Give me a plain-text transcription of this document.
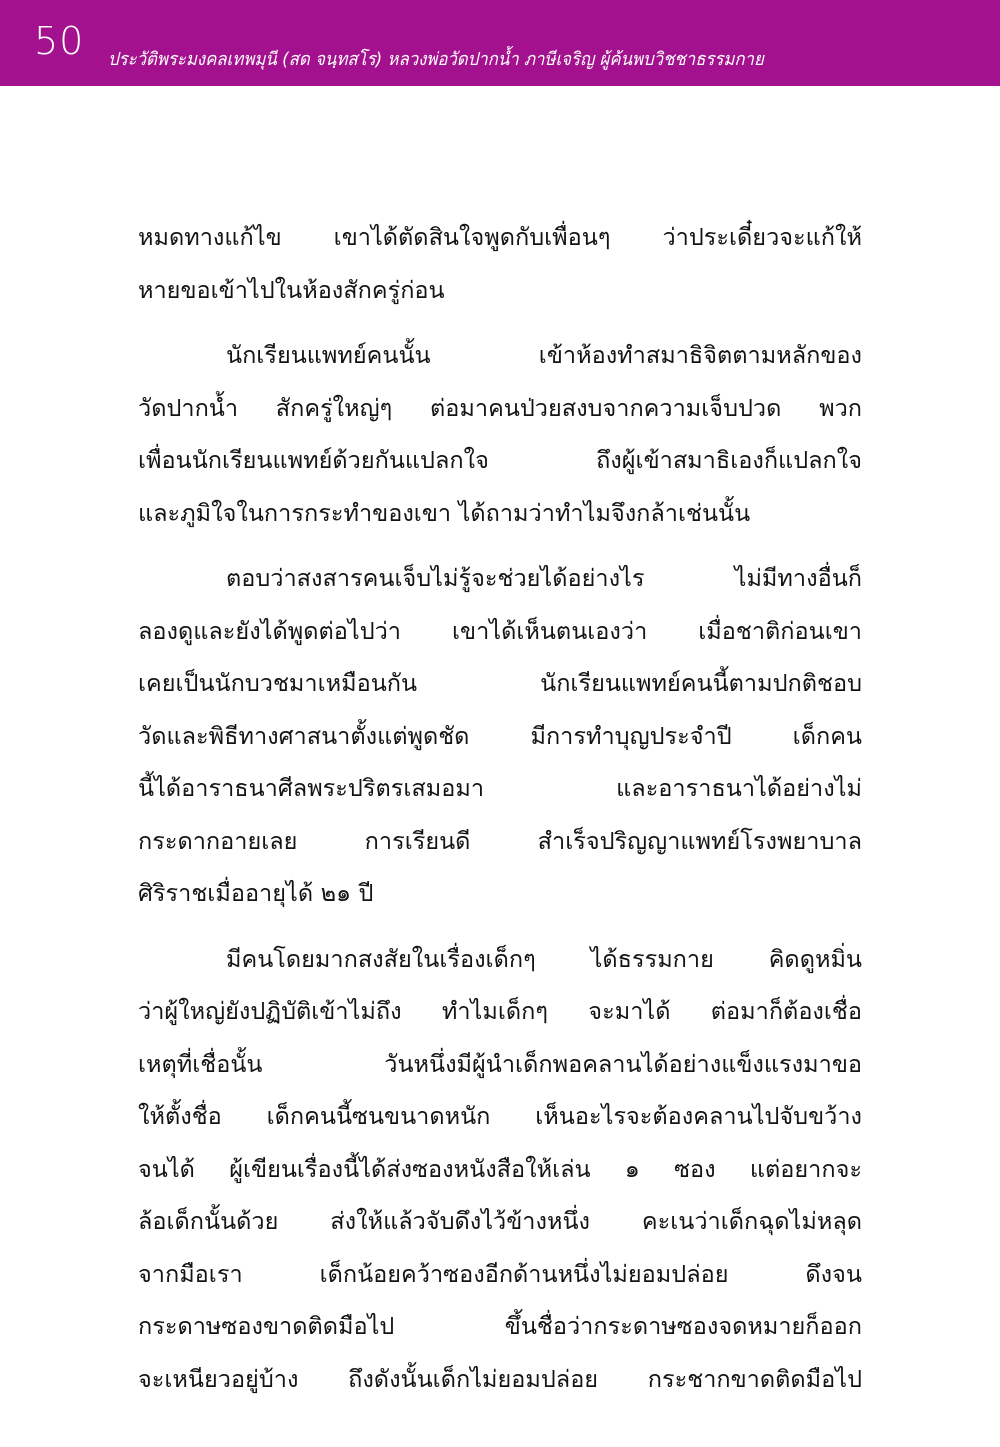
50 ประวัติพระมงคลเทพมุนี (สด จนฺทสโร) หลวงพ่อวัดปากน้ำ ภาษีเจริญ ผู้ค้นพบวิชชาธรรมกาย
หมดทางแก้ไข เขาได้ตัดสินใจพูดกับเพื่อนๆ ว่าประเดี๋ยวจะแก้ให้
หายขอเข้าไปในห้องสักครู่ก่อน
นักเรียนแพทย์คนนั้น เข้าห้องทำสมาธิจิตตามหลักของ
วัดปากน้ำ สักครู่ใหญ่ๆ ต่อมาคนป่วยสงบจากความเจ็บปวด พวก
เพื่อนนักเรียนแพทย์ด้วยกันแปลกใจ ถึงผู้เข้าสมาธิเองก็แปลกใจ
และภูมิใจในการกระทำของเขา ได้ถามว่าทำไมจึงกล้าเช่นนั้น
ตอบว่าสงสารคนเจ็บไม่รู้จะช่วยได้อย่างไร ไม่มีทางอื่นก็
ลองดูและยังได้พูดต่อไปว่า เขาได้เห็นตนเองว่า เมื่อชาติก่อนเขา
เคยเป็นนักบวชมาเหมือนกัน นักเรียนแพทย์คนนี้ตามปกติชอบ
วัดและพิธีทางศาสนาตั้งแต่พูดชัด มีการทำบุญประจำปี เด็กคน
นี้ได้อาราธนาศีลพระปริตรเสมอมา และอาราธนาได้อย่างไม่
กระดากอายเลย การเรียนดี สำเร็จปริญญาแพทย์โรงพยาบาล
ศิริราชเมื่ออายุได้ ๒๑ ปี
มีคนโดยมากสงสัยในเรื่องเด็กๆ ได้ธรรมกาย คิดดูหมิ่น
ว่าผู้ใหญ่ยังปฏิบัติเข้าไม่ถึง ทำไมเด็กๆ จะมาได้ ต่อมาก็ต้องเชื่อ
เหตุที่เชื่อนั้น วันหนึ่งมีผู้นำเด็กพอคลานได้อย่างแข็งแรงมาขอ
ให้ตั้งชื่อ เด็กคนนี้ซนขนาดหนัก เห็นอะไรจะต้องคลานไปจับขว้าง
จนได้ ผู้เขียนเรื่องนี้ได้ส่งซองหนังสือให้เล่น ๑ ซอง แต่อยากจะ
ล้อเด็กนั้นด้วย ส่งให้แล้วจับดึงไว้ข้างหนึ่ง คะเนว่าเด็กฉุดไม่หลุด
จากมือเรา เด็กน้อยคว้าซองอีกด้านหนึ่งไม่ยอมปล่อย ดึงจน
กระดาษซองขาดติดมือไป ขึ้นชื่อว่ากระดาษซองจดหมายก็ออก
จะเหนียวอยู่บ้าง ถึงดังนั้นเด็กไม่ยอมปล่อย กระชากขาดติดมือไป
